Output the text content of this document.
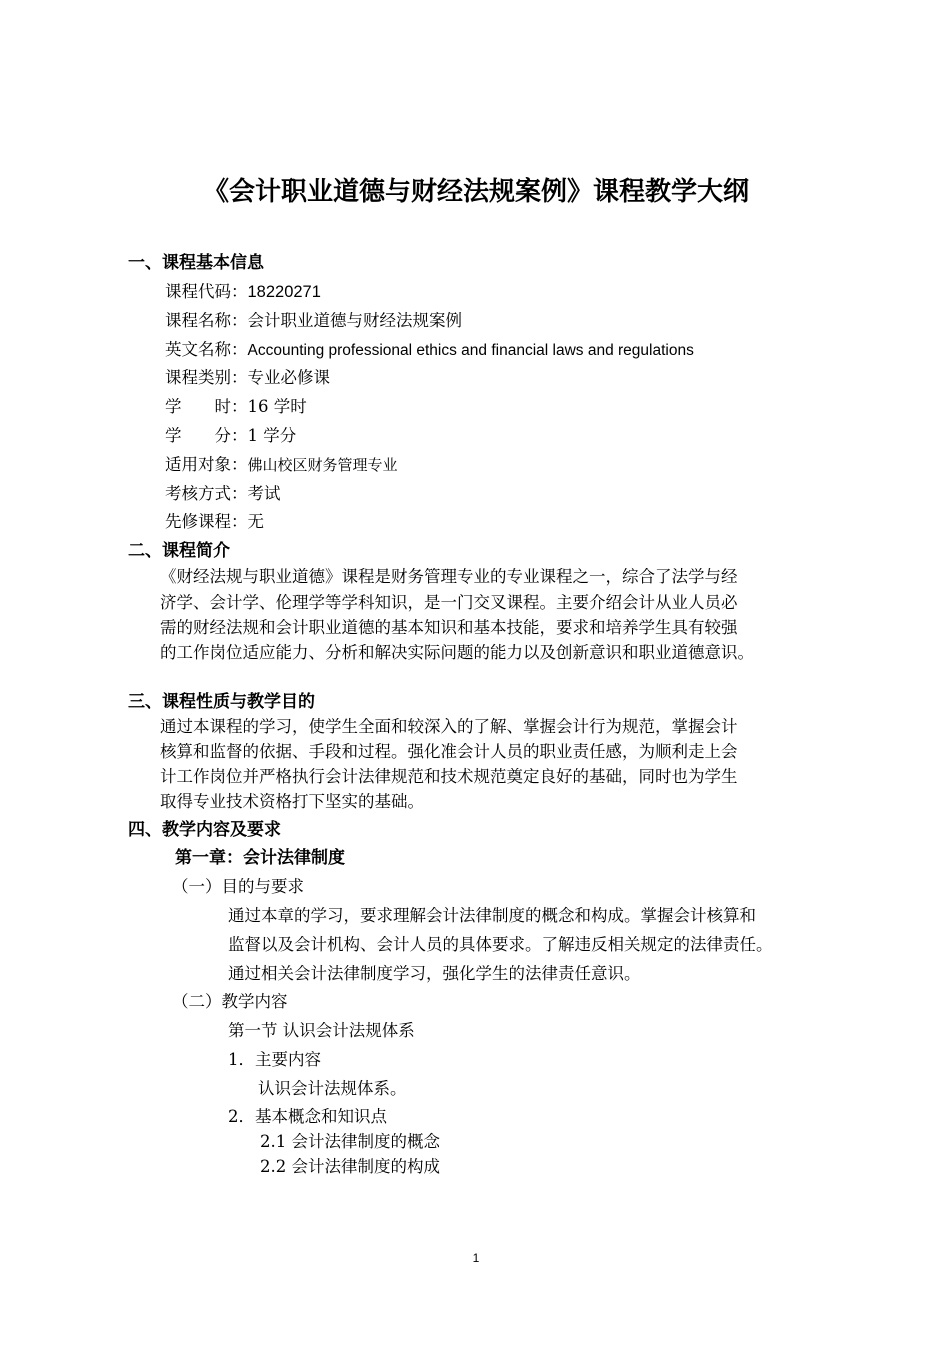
《会计职业道德与财经法规案例》课程教学大纲
一、课程基本信息
课程代码：18220271
课程名称：会计职业道德与财经法规案例
英文名称：Accounting professional ethics and financial laws and regulations
课程类别：专业必修课
学　　时：16 学时
学　　分：1 学分
适用对象：佛山校区财务管理专业
考核方式：考试
先修课程：无
二、课程简介
《财经法规与职业道德》课程是财务管理专业的专业课程之一，综合了法学与经
济学、会计学、伦理学等学科知识，是一门交叉课程。主要介绍会计从业人员必
需的财经法规和会计职业道德的基本知识和基本技能，要求和培养学生具有较强
的工作岗位适应能力、分析和解决实际问题的能力以及创新意识和职业道德意识。
三、课程性质与教学目的
通过本课程的学习，使学生全面和较深入的了解、掌握会计行为规范，掌握会计
核算和监督的依据、手段和过程。强化准会计人员的职业责任感，为顺利走上会
计工作岗位并严格执行会计法律规范和技术规范奠定良好的基础，同时也为学生
取得专业技术资格打下坚实的基础。
四、教学内容及要求
第一章：会计法律制度
（一）目的与要求
通过本章的学习，要求理解会计法律制度的概念和构成。掌握会计核算和
监督以及会计机构、会计人员的具体要求。了解违反相关规定的法律责任。
通过相关会计法律制度学习，强化学生的法律责任意识。
（二）教学内容
第一节 认识会计法规体系
1．主要内容
认识会计法规体系。
2．基本概念和知识点
2.1 会计法律制度的概念
2.2 会计法律制度的构成
1
